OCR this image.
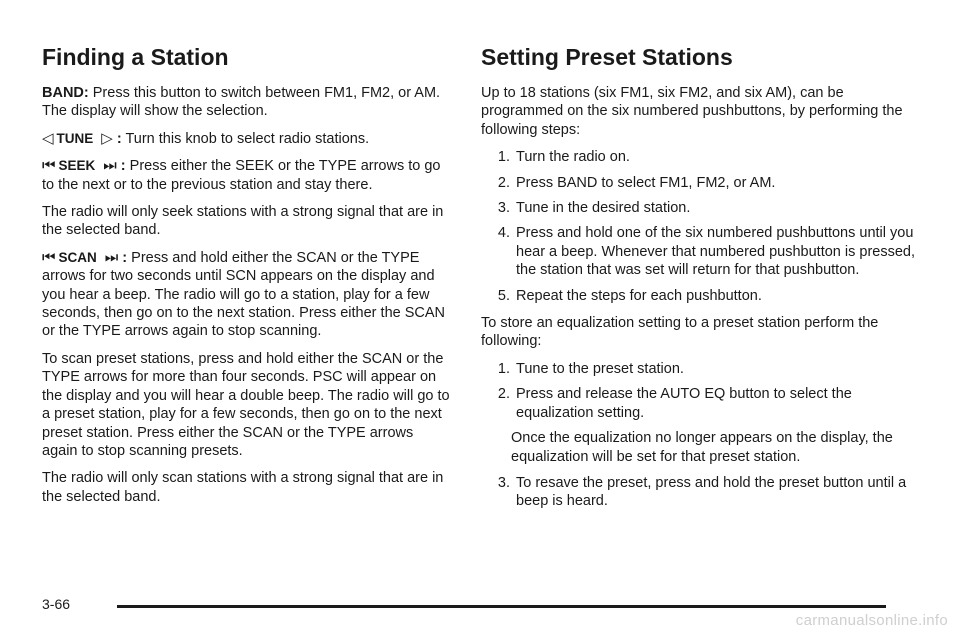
Finding a Station

BAND: Press this button to switch between FM1, FM2, or AM. The display will show the selection.

◁ TUNE ▷ : Turn this knob to select radio stations.

⏮ SEEK ⏭ : Press either the SEEK or the TYPE arrows to go to the next or to the previous station and stay there.

The radio will only seek stations with a strong signal that are in the selected band.

⏮ SCAN ⏭ : Press and hold either the SCAN or the TYPE arrows for two seconds until SCN appears on the display and you hear a beep. The radio will go to a station, play for a few seconds, then go on to the next station. Press either the SCAN or the TYPE arrows again to stop scanning.

To scan preset stations, press and hold either the SCAN or the TYPE arrows for more than four seconds. PSC will appear on the display and you will hear a double beep. The radio will go to a preset station, play for a few seconds, then go on to the next preset station. Press either the SCAN or the TYPE arrows again to stop scanning presets.

The radio will only scan stations with a strong signal that are in the selected band.

Setting Preset Stations

Up to 18 stations (six FM1, six FM2, and six AM), can be programmed on the six numbered pushbuttons, by performing the following steps:

1. Turn the radio on.
2. Press BAND to select FM1, FM2, or AM.
3. Tune in the desired station.
4. Press and hold one of the six numbered pushbuttons until you hear a beep. Whenever that numbered pushbutton is pressed, the station that was set will return for that pushbutton.
5. Repeat the steps for each pushbutton.

To store an equalization setting to a preset station perform the following:

1. Tune to the preset station.
2. Press and release the AUTO EQ button to select the equalization setting.

Once the equalization no longer appears on the display, the equalization will be set for that preset station.

3. To resave the preset, press and hold the preset button until a beep is heard.
3-66
carmanualsonline.info
